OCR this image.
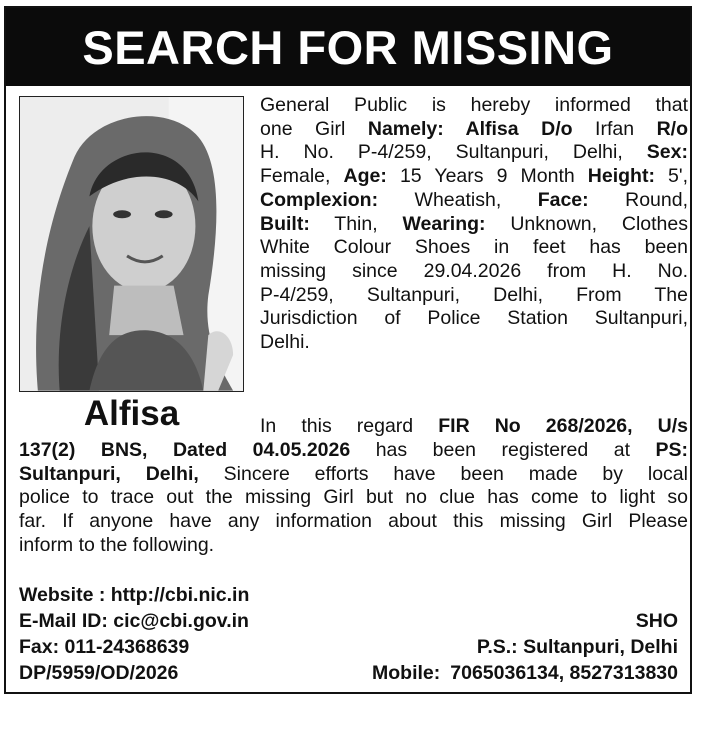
SEARCH FOR MISSING
Alfisa
General Public is hereby informed that
one Girl Namely: Alfisa D/o Irfan R/o
H. No. P-4/259, Sultanpuri, Delhi, Sex:
Female, Age: 15 Years 9 Month Height: 5',
Complexion: Wheatish, Face: Round,
Built: Thin, Wearing: Unknown, Clothes
White Colour Shoes in feet has been
missing since 29.04.2026 from H. No.
P-4/259, Sultanpuri, Delhi, From The
Jurisdiction of Police Station Sultanpuri,
Delhi.
In this regard FIR No 268/2026, U/s
137(2) BNS, Dated 04.05.2026 has been registered at PS:
Sultanpuri, Delhi, Sincere efforts have been made by local
police to trace out the missing Girl but no clue has come to light so
far. If anyone have any information about this missing Girl Please
inform to the following.
Website : http://cbi.nic.in
E-Mail ID: cic@cbi.gov.in
Fax: 011-24368639
DP/5959/OD/2026
SHO
P.S.: Sultanpuri, Delhi
Mobile: 7065036134, 8527313830
